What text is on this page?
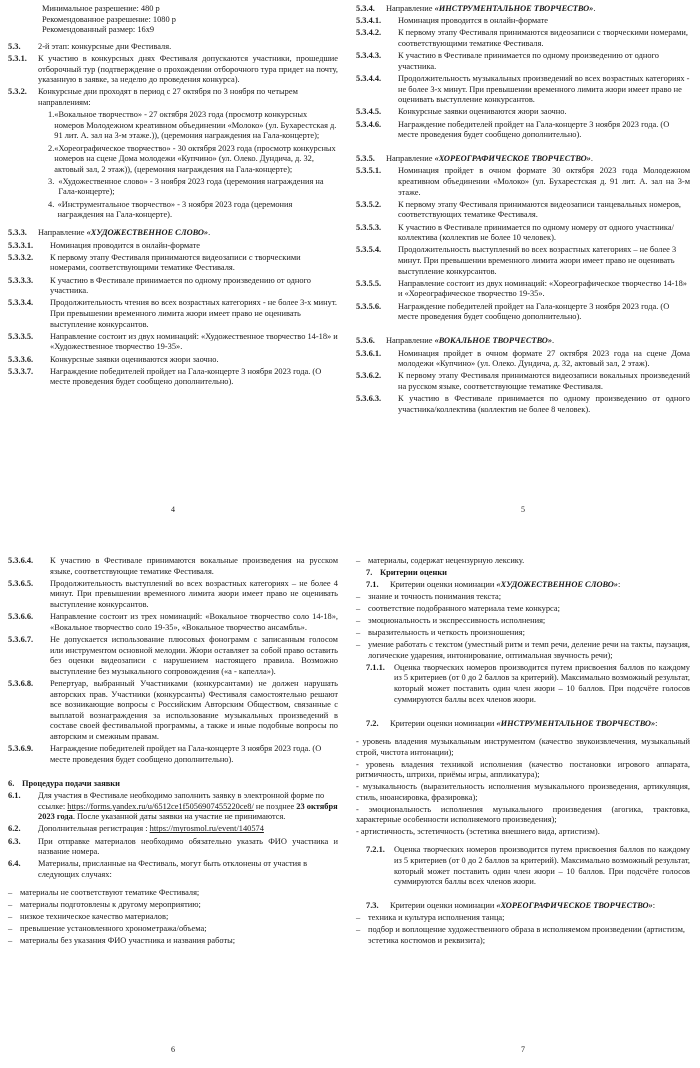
Минимальное разрешение: 480 p
Рекомендованное разрешение: 1080 p
Рекомендованный размер: 16x9
5.3.	2-й этап: конкурсные дни Фестиваля.
5.3.1.	К участию в конкурсных днях Фестиваля допускаются участники, прошедшие отборочный тур (подтверждение о прохождении отборочного тура придет на почту, указанную в заявке, за неделю до проведения конкурса).
5.3.2.	Конкурсные дни проходят в период с 27 октября по 3 ноября по четырем направлениям:
1. «Вокальное творчество» - 27 октября 2023 года (просмотр конкурсных номеров Молодежном креативном объединении «Молоко» (ул. Бухарестская д. 91 лит. А. зал на 3-м этаже.)), (церемония награждения на Гала-концерте);
2. «Хореографическое творчество» - 30 октября 2023 года (просмотр конкурсных номеров на сцене Дома молодежи «Купчино» (ул. Олеко. Дундича, д. 32, актовый зал, 2 этаж)), (церемония награждения на Гала-концерте);
3. «Художественное слово» - 3 ноября 2023 года (церемония награждения на Гала-концерте);
4. «Инструментальное творчество» - 3 ноября 2023 года (церемония награждения на Гала-концерте).
5.3.3.	Направление «ХУДОЖЕСТВЕННОЕ СЛОВО».
5.3.3.1.	Номинация проводится в онлайн-формате
5.3.3.2.	К первому этапу Фестиваля принимаются видеозаписи с творческими номерами, соответствующими тематике Фестиваля.
5.3.3.3.	К участию в Фестивале принимается по одному произведению от одного участника.
5.3.3.4.	Продолжительность чтения во всех возрастных категориях - не более 3-х минут. При превышении временного лимита жюри имеет право не оценивать выступление конкурсантов.
5.3.3.5.	Направление состоит из двух номинаций: «Художественное творчество 14-18» и «Художественное творчество 19-35».
5.3.3.6.	Конкурсные заявки оцениваются жюри заочно.
5.3.3.7.	Награждение победителей пройдет на Гала-концерте 3 ноября 2023 года. (О месте проведения будет сообщено дополнительно).
4
5.3.4.	Направление «ИНСТРУМЕНТАЛЬНОЕ ТВОРЧЕСТВО».
5.3.4.1.	Номинация проводится в онлайн-формате
5.3.4.2.	К первому этапу Фестиваля принимаются видеозаписи с творческими номерами, соответствующими тематике Фестиваля.
5.3.4.3.	К участию в Фестивале принимается по одному произведению от одного участника.
5.3.4.4.	Продолжительность музыкальных произведений во всех возрастных категориях - не более 3-х минут. При превышении временного лимита жюри имеет право не оценивать выступление конкурсантов.
5.3.4.5.	Конкурсные заявки оцениваются жюри заочно.
5.3.4.6.	Награждение победителей пройдет на Гала-концерте 3 ноября 2023 года. (О месте проведения будет сообщено дополнительно).
5.3.5.	Направление «ХОРЕОГРАФИЧЕСКОЕ ТВОРЧЕСТВО».
5.3.5.1.	Номинация пройдет в очном формате 30 октября 2023 года Молодежном креативном объединении «Молоко» (ул. Бухарестская д. 91 лит. А. зал на 3-м этаже.
5.3.5.2.	К первому этапу Фестиваля принимаются видеозаписи танцевальных номеров, соответствующих тематике Фестиваля.
5.3.5.3.	К участию в Фестивале принимается по одному номеру от одного участника/коллектива (коллектив не более 10 человек).
5.3.5.4.	Продолжительность выступлений во всех возрастных категориях – не более 3 минут. При превышении временного лимита жюри имеет право не оценивать выступление конкурсантов.
5.3.5.5.	Направление состоит из двух номинаций: «Хореографическое творчество 14-18» и «Хореографическое творчество 19-35».
5.3.5.6.	Награждение победителей пройдет на Гала-концерте 3 ноября 2023 года. (О месте проведения будет сообщено дополнительно).
5.3.6.	Направление «ВОКАЛЬНОЕ ТВОРЧЕСТВО».
5.3.6.1.	Номинация пройдет в очном формате 27 октября 2023 года на сцене Дома молодежи «Купчино» (ул. Олеко. Дундича, д. 32, актовый зал, 2 этаж).
5.3.6.2.	К первому этапу Фестиваля принимаются видеозаписи вокальных произведений на русском языке, соответствующие тематике Фестиваля.
5.3.6.3.	К участию в Фестивале принимается по одному произведению от одного участника/коллектива (коллектив не более 8 человек).
5
5.3.6.4.	К участию в Фестивале принимаются вокальные произведения на русском языке, соответствующие тематике Фестиваля.
5.3.6.5.	Продолжительность выступлений во всех возрастных категориях – не более 4 минут. При превышении временного лимита жюри имеет право не оценивать выступление конкурсантов.
5.3.6.6.	Направление состоит из трех номинаций: «Вокальное творчество соло 14-18», «Вокальное творчество соло 19-35», «Вокальное творчество ансамбль».
5.3.6.7.	Не допускается использование плюсовых фонограмм с записанным голосом или инструментом основной мелодии. Жюри оставляет за собой право оставить без оценки видеозаписи с нарушением настоящего правила. Возможно выступление без музыкального сопровождения («а - капелла»).
5.3.6.8.	Репертуар, выбранный Участниками (конкурсантами) не должен нарушать авторских прав. Участники (конкурсанты) Фестиваля самостоятельно решают все возникающие вопросы с Российским Авторским Обществом, связанные с выплатой вознаграждения за использование музыкальных произведений в составе своей фестивальной программы, а также и иные подобные вопросы по авторским и смежным правам.
5.3.6.9.	Награждение победителей пройдет на Гала-концерте 3 ноября 2023 года. (О месте проведения будет сообщено дополнительно).
6. Процедура подачи заявки
6.1.	Для участия в Фестивале необходимо заполнить заявку в электронной форме по ссылке: https://forms.yandex.ru/u/6512ce1f5056907455220ce8/ не позднее 23 октября 2023 года. После указанной даты заявки на участие не принимаются.
6.2.	Дополнительная регистрация : https://myrosmol.ru/event/140574
6.3.	При отправке материалов необходимо обязательно указать ФИО участника и название номера.
6.4.	Материалы, присланные на Фестиваль, могут быть отклонены от участия в следующих случаях:
– материалы не соответствуют тематике Фестиваля;
– материалы подготовлены к другому мероприятию;
– низкое техническое качество материалов;
– превышение установленного хронометража/объема;
– материалы без указания ФИО участника и названия работы;
6
– материалы, содержат нецензурную лексику.
7. Критерии оценки
7.1.	Критерии оценки номинации «ХУДОЖЕСТВЕННОЕ СЛОВО»:
– знание и точность понимания текста;
– соответствие подобранного материала теме конкурса;
– эмоциональность и экспрессивность исполнения;
– выразительность и четкость произношения;
– умение работать с текстом (уместный ритм и темп речи, деление речи на такты, паузация, логические ударения, интонирование, оптимальная звучность речи);
7.1.1.	Оценка творческих номеров производится путем присвоения баллов по каждому из 5 критериев (от 0 до 2 баллов за критерий). Максимально возможный результат, который может поставить один член жюри – 10 баллов. При подсчёте голосов суммируются баллы всех членов жюри.
7.2.	Критерии оценки номинации «ИНСТРУМЕНТАЛЬНОЕ ТВОРЧЕСТВО»:
- уровень владения музыкальным инструментом (качество звукоизвлечения, музыкальный строй, чистота интонации);
- уровень владения техникой исполнения (качество постановки игрового аппарата, ритмичность, штрихи, приёмы игры, аппликатура);
- музыкальность (выразительность исполнения музыкального произведения, артикуляция, стиль, нюансировка, фразировка);
- эмоциональность исполнения музыкального произведения (агогика, трактовка, характерные особенности исполняемого произведения);
- артистичность, эстетичность (эстетика внешнего вида, артистизм).
7.2.1.	Оценка творческих номеров производится путем присвоения баллов по каждому из 5 критериев (от 0 до 2 баллов за критерий). Максимально возможный результат, который может поставить один член жюри – 10 баллов. При подсчёте голосов суммируются баллы всех членов жюри.
7.3.	Критерии оценки номинации «ХОРЕОГРАФИЧЕСКОЕ ТВОРЧЕСТВО»:
– техника и культура исполнения танца;
– подбор и воплощение художественного образа в исполняемом произведении (артистизм, эстетика костюмов и реквизита);
7
